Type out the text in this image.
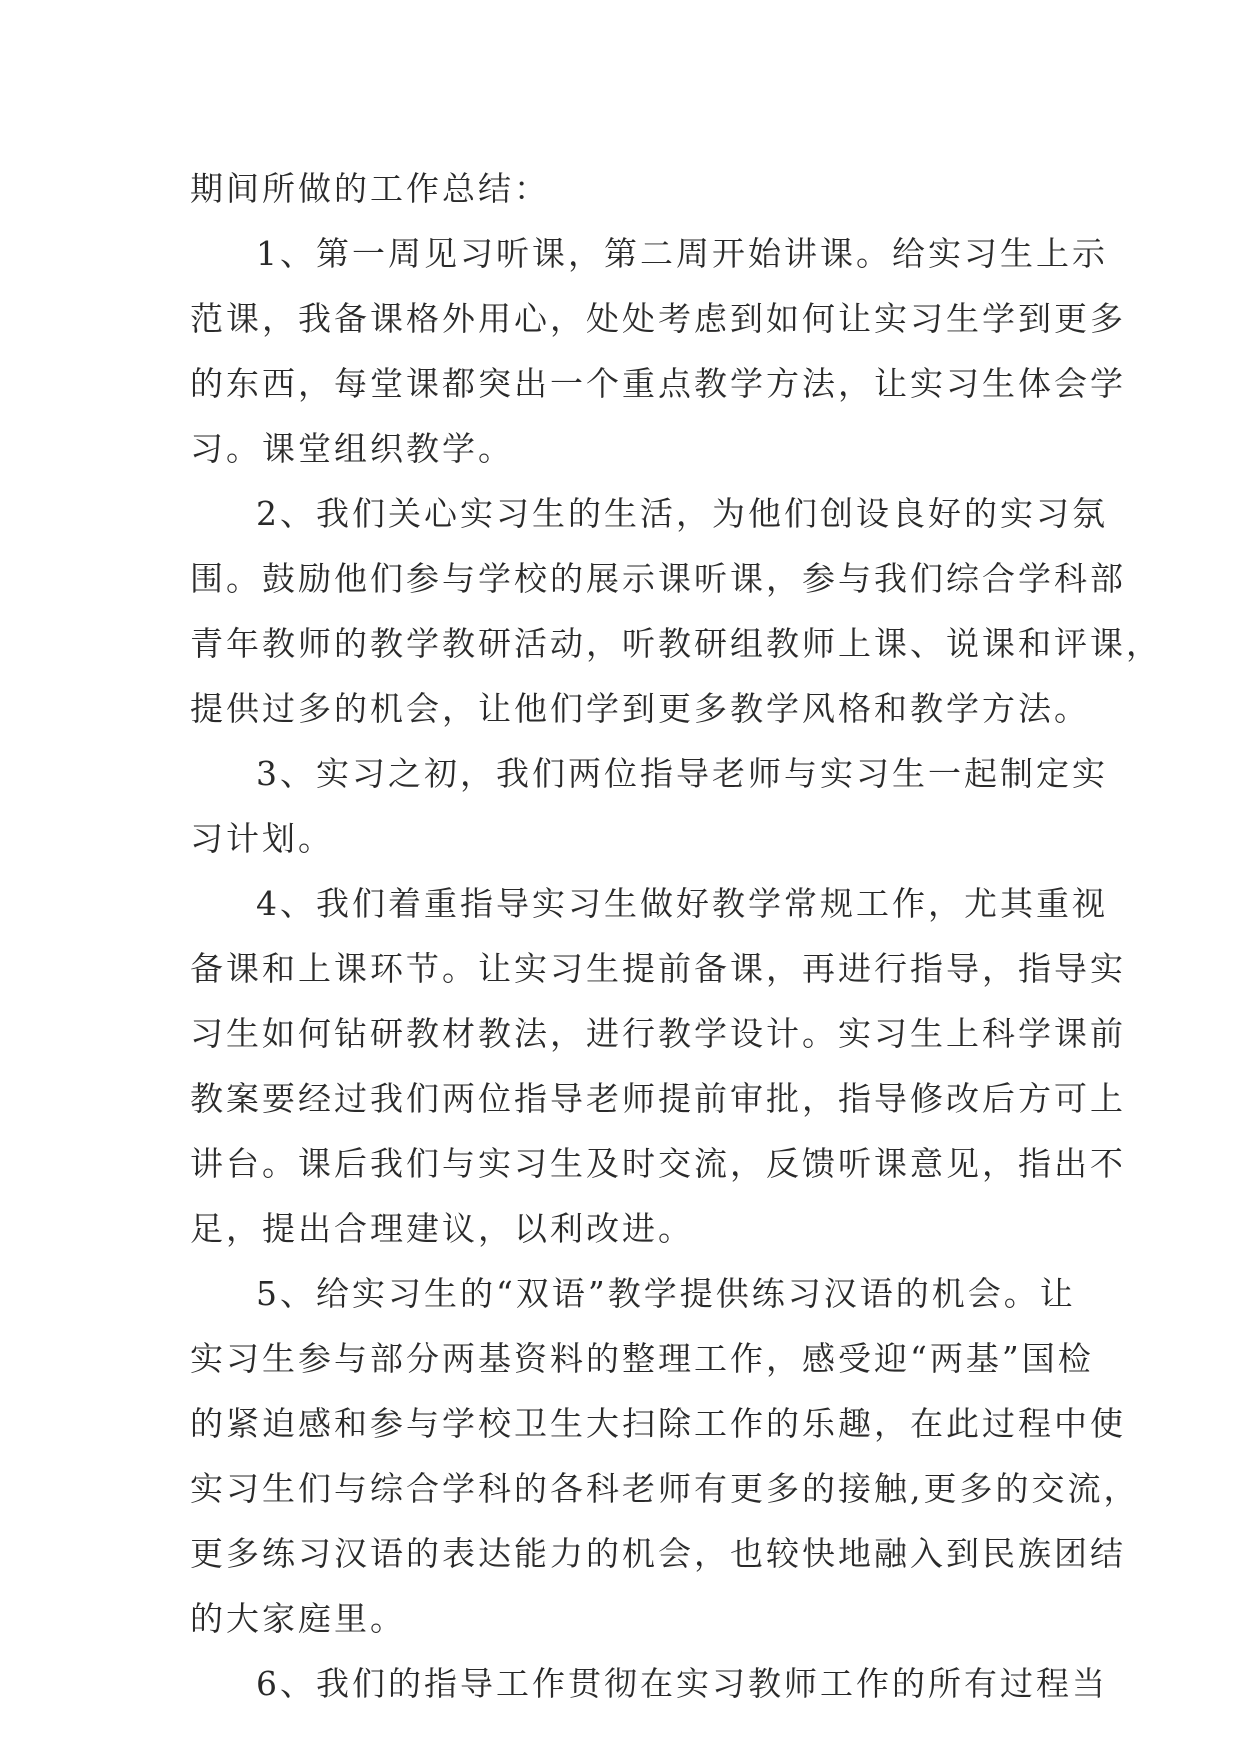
期间所做的工作总结：
1、第一周见习听课，第二周开始讲课。给实习生上示
范课，我备课格外用心，处处考虑到如何让实习生学到更多
的东西，每堂课都突出一个重点教学方法，让实习生体会学
习。课堂组织教学。
2、我们关心实习生的生活，为他们创设良好的实习氛
围。鼓励他们参与学校的展示课听课，参与我们综合学科部
青年教师的教学教研活动，听教研组教师上课、说课和评课，
提供过多的机会，让他们学到更多教学风格和教学方法。
3、实习之初，我们两位指导老师与实习生一起制定实
习计划。
4、我们着重指导实习生做好教学常规工作，尤其重视
备课和上课环节。让实习生提前备课，再进行指导，指导实
习生如何钻研教材教法，进行教学设计。实习生上科学课前
教案要经过我们两位指导老师提前审批，指导修改后方可上
讲台。课后我们与实习生及时交流，反馈听课意见，指出不
足，提出合理建议，以利改进。
5、给实习生的“双语”教学提供练习汉语的机会。让
实习生参与部分两基资料的整理工作，感受迎“两基”国检
的紧迫感和参与学校卫生大扫除工作的乐趣，在此过程中使
实习生们与综合学科的各科老师有更多的接触,更多的交流，
更多练习汉语的表达能力的机会，也较快地融入到民族团结
的大家庭里。
6、我们的指导工作贯彻在实习教师工作的所有过程当
